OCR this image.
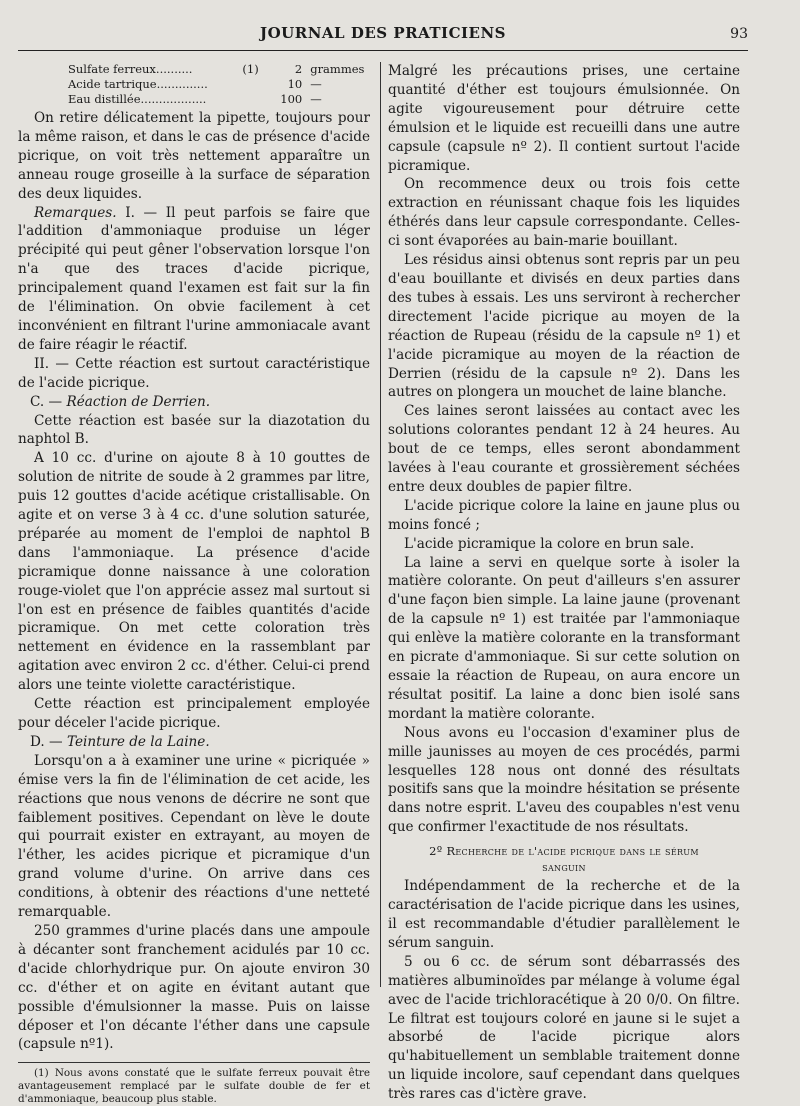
JOURNAL DES PRATICIENS	93
Sulfate ferreux..........	(1)	2 grammes
Acide tartrique..............	10 —
Eau distillée..................	100 —

On retire délicatement la pipette, toujours pour la même raison, et dans le cas de présence d'acide picrique, on voit très nettement apparaître un anneau rouge groseille à la surface de séparation des deux liquides.

Remarques. I. — Il peut parfois se faire que l'addition d'ammoniaque produise un léger précipité qui peut gêner l'observation lorsque l'on n'a que des traces d'acide picrique, principalement quand l'examen est fait sur la fin de l'élimination. On obvie facilement à cet inconvénient en filtrant l'urine ammoniacale avant de faire réagir le réactif.

II. — Cette réaction est surtout caractéristique de l'acide picrique.

C. — Réaction de Derrien.

Cette réaction est basée sur la diazotation du naphtol B.

A 10 cc. d'urine on ajoute 8 à 10 gouttes de solution de nitrite de soude à 2 grammes par litre, puis 12 gouttes d'acide acétique cristallisable. On agite et on verse 3 à 4 cc. d'une solution saturée, préparée au moment de l'emploi de naphtol B dans l'ammoniaque. La présence d'acide picramique donne naissance à une coloration rouge-violet que l'on apprécie assez mal surtout si l'on est en présence de faibles quantités d'acide picramique. On met cette coloration très nettement en évidence en la rassemblant par agitation avec environ 2 cc. d'éther. Celui-ci prend alors une teinte violette caractéristique.

Cette réaction est principalement employée pour déceler l'acide picrique.

D. — Teinture de la Laine.

Lorsqu'on a à examiner une urine « picriquée » émise vers la fin de l'élimination de cet acide, les réactions que nous venons de décrire ne sont que faiblement positives. Cependant on lève le doute qui pourrait exister en extrayant, au moyen de l'éther, les acides picrique et picramique d'un grand volume d'urine. On arrive dans ces conditions, à obtenir des réactions d'une netteté remarquable.

250 grammes d'urine placés dans une ampoule à décanter sont franchement acidulés par 10 cc. d'acide chlorhydrique pur. On ajoute environ 30 cc. d'éther et on agite en évitant autant que possible d'émulsionner la masse. Puis on laisse déposer et l'on décante l'éther dans une capsule (capsule nº1).

(1) Nous avons constaté que le sulfate ferreux pouvait être avantageusement remplacé par le sulfate double de fer et d'ammoniaque, beaucoup plus stable.

Malgré les précautions prises, une certaine quantité d'éther est toujours émulsionnée. On agite vigoureusement pour détruire cette émulsion et le liquide est recueilli dans une autre capsule (capsule nº 2). Il contient surtout l'acide picramique.

On recommence deux ou trois fois cette extraction en réunissant chaque fois les liquides éthérés dans leur capsule correspondante. Celles-ci sont évaporées au bain-marie bouillant.

Les résidus ainsi obtenus sont repris par un peu d'eau bouillante et divisés en deux parties dans des tubes à essais. Les uns serviront à rechercher directement l'acide picrique au moyen de la réaction de Rupeau (résidu de la capsule nº 1) et l'acide picramique au moyen de la réaction de Derrien (résidu de la capsule nº 2). Dans les autres on plongera un mouchet de laine blanche.

Ces laines seront laissées au contact avec les solutions colorantes pendant 12 à 24 heures. Au bout de ce temps, elles seront abondamment lavées à l'eau courante et grossièrement séchées entre deux doubles de papier filtre.

L'acide picrique colore la laine en jaune plus ou moins foncé ;

L'acide picramique la colore en brun sale.

La laine a servi en quelque sorte à isoler la matière colorante. On peut d'ailleurs s'en assurer d'une façon bien simple. La laine jaune (provenant de la capsule nº 1) est traitée par l'ammoniaque qui enlève la matière colorante en la transformant en picrate d'ammoniaque. Si sur cette solution on essaie la réaction de Rupeau, on aura encore un résultat positif. La laine a donc bien isolé sans mordant la matière colorante.

Nous avons eu l'occasion d'examiner plus de mille jaunisses au moyen de ces procédés, parmi lesquelles 128 nous ont donné des résultats positifs sans que la moindre hésitation se présente dans notre esprit. L'aveu des coupables n'est venu que confirmer l'exactitude de nos résultats.

2º Recherche de l'acide picrique dans le sérum
sanguin

Indépendamment de la recherche et de la caractérisation de l'acide picrique dans les usines, il est recommandable d'étudier parallèlement le sérum sanguin.

5 ou 6 cc. de sérum sont débarrassés des matières albuminoïdes par mélange à volume égal avec de l'acide trichloracétique à 20 0/0. On filtre. Le filtrat est toujours coloré en jaune si le sujet a absorbé de l'acide picrique alors qu'habituellement un semblable traitement donne un liquide incolore, sauf cependant dans quelques très rares cas d'ictère grave.
